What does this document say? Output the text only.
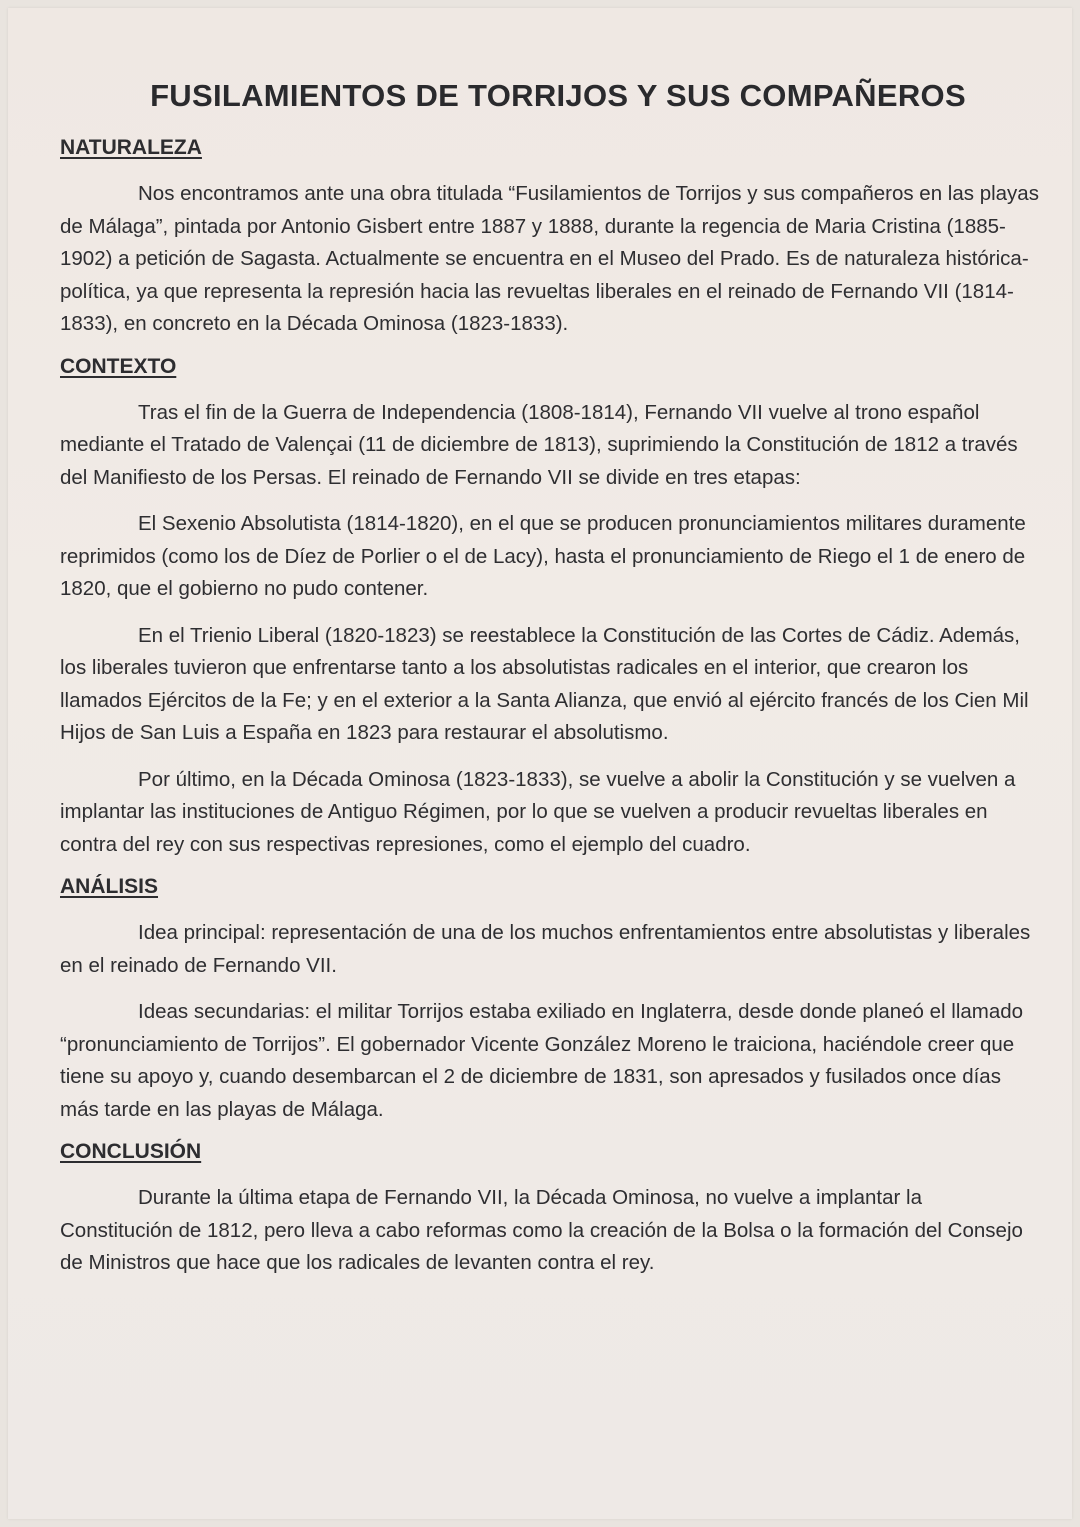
FUSILAMIENTOS DE TORRIJOS Y SUS COMPAÑEROS
NATURALEZA

Nos encontramos ante una obra titulada “Fusilamientos de Torrijos y sus compañeros en las playas de Málaga”, pintada por Antonio Gisbert entre 1887 y 1888, durante la regencia de Maria Cristina (1885-1902) a petición de Sagasta. Actualmente se encuentra en el Museo del Prado. Es de naturaleza histórica-política, ya que representa la represión hacia las revueltas liberales en el reinado de Fernando VII (1814-1833), en concreto en la Década Ominosa (1823-1833).

CONTEXTO

Tras el fin de la Guerra de Independencia (1808-1814), Fernando VII vuelve al trono español mediante el Tratado de Valençai (11 de diciembre de 1813), suprimiendo la Constitución de 1812 a través del Manifiesto de los Persas. El reinado de Fernando VII se divide en tres etapas:

El Sexenio Absolutista (1814-1820), en el que se producen pronunciamientos militares duramente reprimidos (como los de Díez de Porlier o el de Lacy), hasta el pronunciamiento de Riego el 1 de enero de 1820, que el gobierno no pudo contener.

En el Trienio Liberal (1820-1823) se reestablece la Constitución de las Cortes de Cádiz. Además, los liberales tuvieron que enfrentarse tanto a los absolutistas radicales en el interior, que crearon los llamados Ejércitos de la Fe; y en el exterior a la Santa Alianza, que envió al ejército francés de los Cien Mil Hijos de San Luis a España en 1823 para restaurar el absolutismo.

Por último, en la Década Ominosa (1823-1833), se vuelve a abolir la Constitución y se vuelven a implantar las instituciones de Antiguo Régimen, por lo que se vuelven a producir revueltas liberales en contra del rey con sus respectivas represiones, como el ejemplo del cuadro.

ANÁLISIS

Idea principal: representación de una de los muchos enfrentamientos entre absolutistas y liberales en el reinado de Fernando VII.

Ideas secundarias: el militar Torrijos estaba exiliado en Inglaterra, desde donde planeó el llamado “pronunciamiento de Torrijos”. El gobernador Vicente González Moreno le traiciona, haciéndole creer que tiene su apoyo y, cuando desembarcan el 2 de diciembre de 1831, son apresados y fusilados once días más tarde en las playas de Málaga.

CONCLUSIÓN

Durante la última etapa de Fernando VII, la Década Ominosa, no vuelve a implantar la Constitución de 1812, pero lleva a cabo reformas como la creación de la Bolsa o la formación del Consejo de Ministros que hace que los radicales de levanten contra el rey.
